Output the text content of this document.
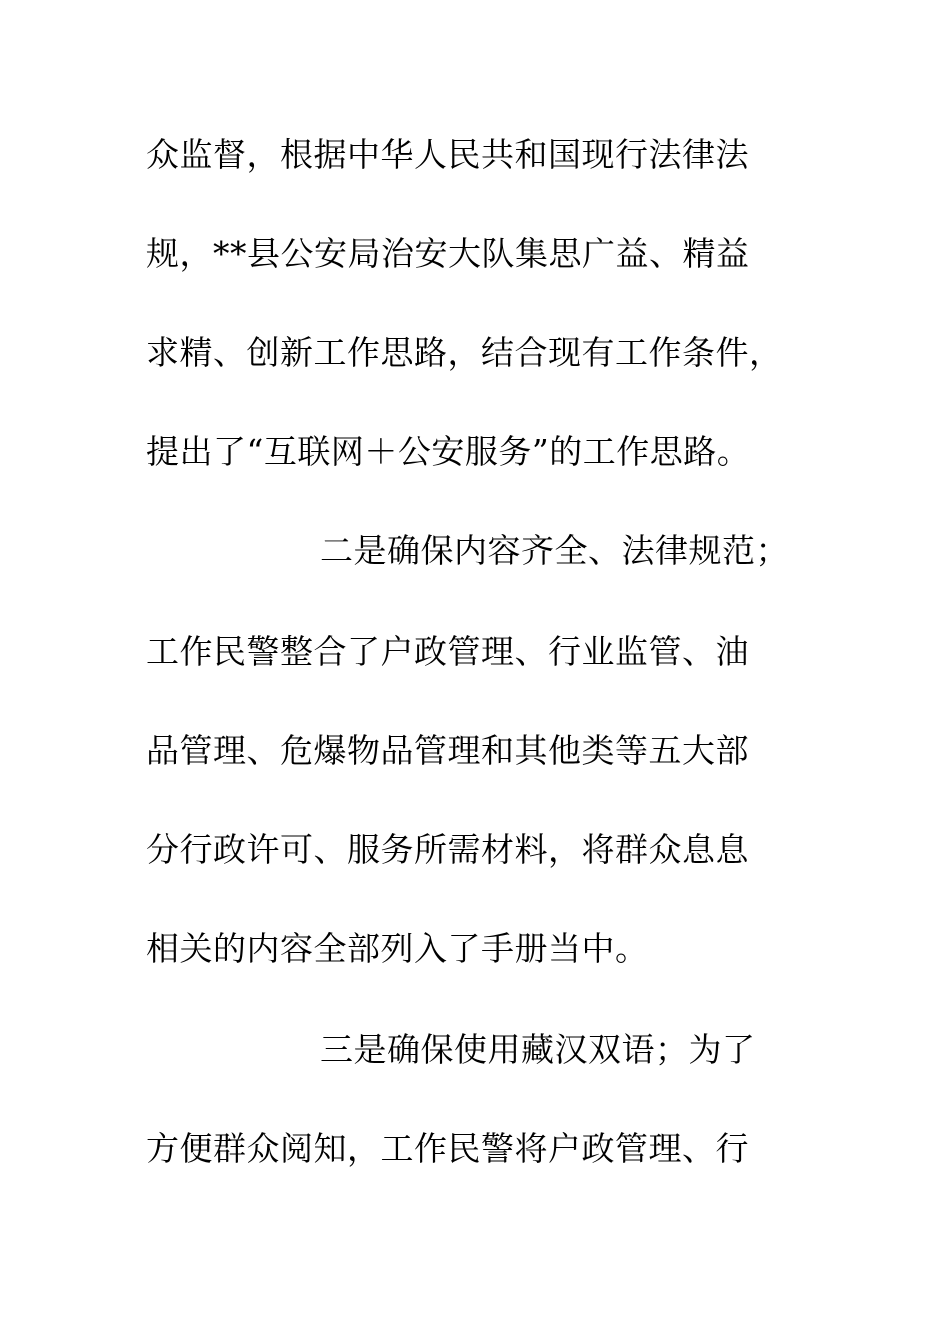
众监督，根据中华人民共和国现行法律法
规，**县公安局治安大队集思广益、精益
求精、创新工作思路，结合现有工作条件，
提出了“互联网＋公安服务”的工作思路。
二是确保内容齐全、法律规范；
工作民警整合了户政管理、行业监管、油
品管理、危爆物品管理和其他类等五大部
分行政许可、服务所需材料，将群众息息
相关的内容全部列入了手册当中。
三是确保使用藏汉双语；为了
方便群众阅知，工作民警将户政管理、行
